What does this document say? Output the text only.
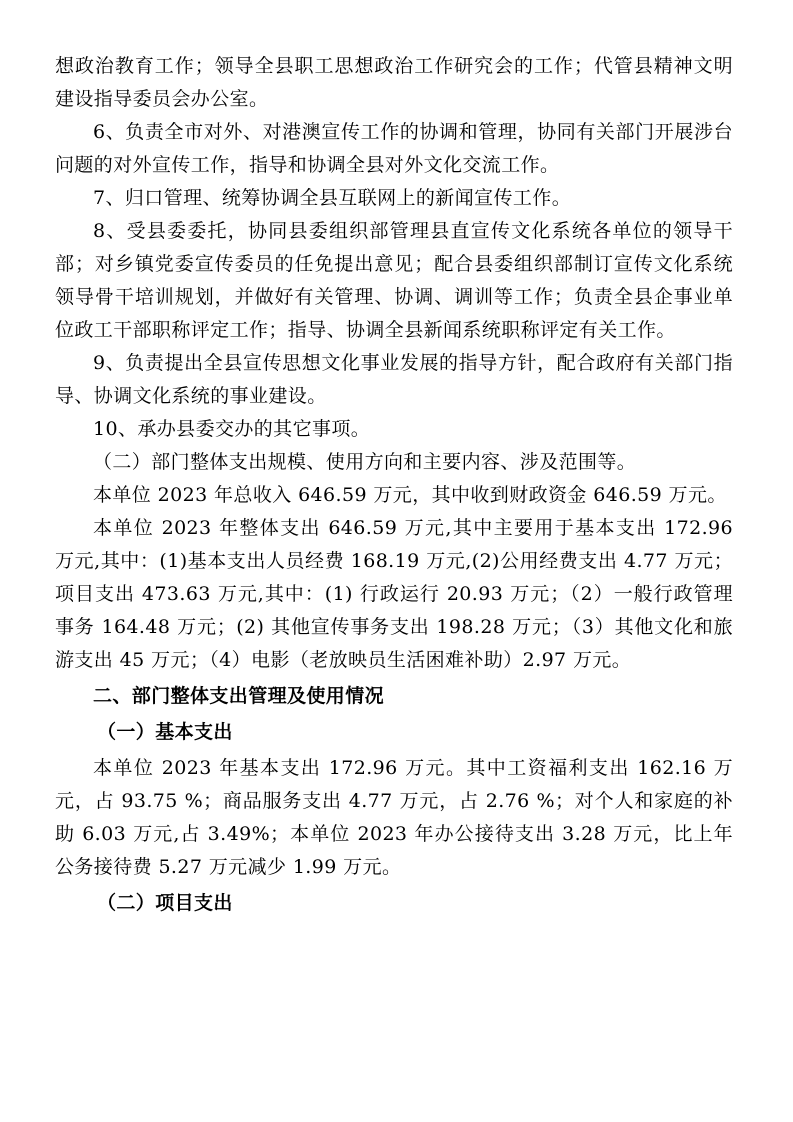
想政治教育工作；领导全县职工思想政治工作研究会的工作；代管县精神文明建设指导委员会办公室。

6、负责全市对外、对港澳宣传工作的协调和管理，协同有关部门开展涉台问题的对外宣传工作，指导和协调全县对外文化交流工作。

7、归口管理、统筹协调全县互联网上的新闻宣传工作。

8、受县委委托，协同县委组织部管理县直宣传文化系统各单位的领导干部；对乡镇党委宣传委员的任免提出意见；配合县委组织部制订宣传文化系统领导骨干培训规划，并做好有关管理、协调、调训等工作；负责全县企事业单位政工干部职称评定工作；指导、协调全县新闻系统职称评定有关工作。

9、负责提出全县宣传思想文化事业发展的指导方针，配合政府有关部门指导、协调文化系统的事业建设。

10、承办县委交办的其它事项。

（二）部门整体支出规模、使用方向和主要内容、涉及范围等。

本单位 2023 年总收入 646.59 万元，其中收到财政资金 646.59 万元。

本单位 2023 年整体支出 646.59 万元,其中主要用于基本支出 172.96 万元,其中：(1)基本支出人员经费 168.19 万元,(2)公用经费支出 4.77 万元；项目支出 473.63 万元,其中：(1) 行政运行 20.93 万元；（2）一般行政管理事务 164.48 万元；(2) 其他宣传事务支出 198.28 万元；（3）其他文化和旅游支出 45 万元；（4）电影（老放映员生活困难补助）2.97 万元。

二、部门整体支出管理及使用情况

（一）基本支出

本单位 2023 年基本支出 172.96 万元。其中工资福利支出 162.16 万元，占 93.75 %；商品服务支出 4.77 万元，占 2.76 %；对个人和家庭的补助 6.03 万元,占 3.49%；本单位 2023 年办公接待支出 3.28 万元，比上年公务接待费 5.27 万元减少 1.99 万元。

（二）项目支出
